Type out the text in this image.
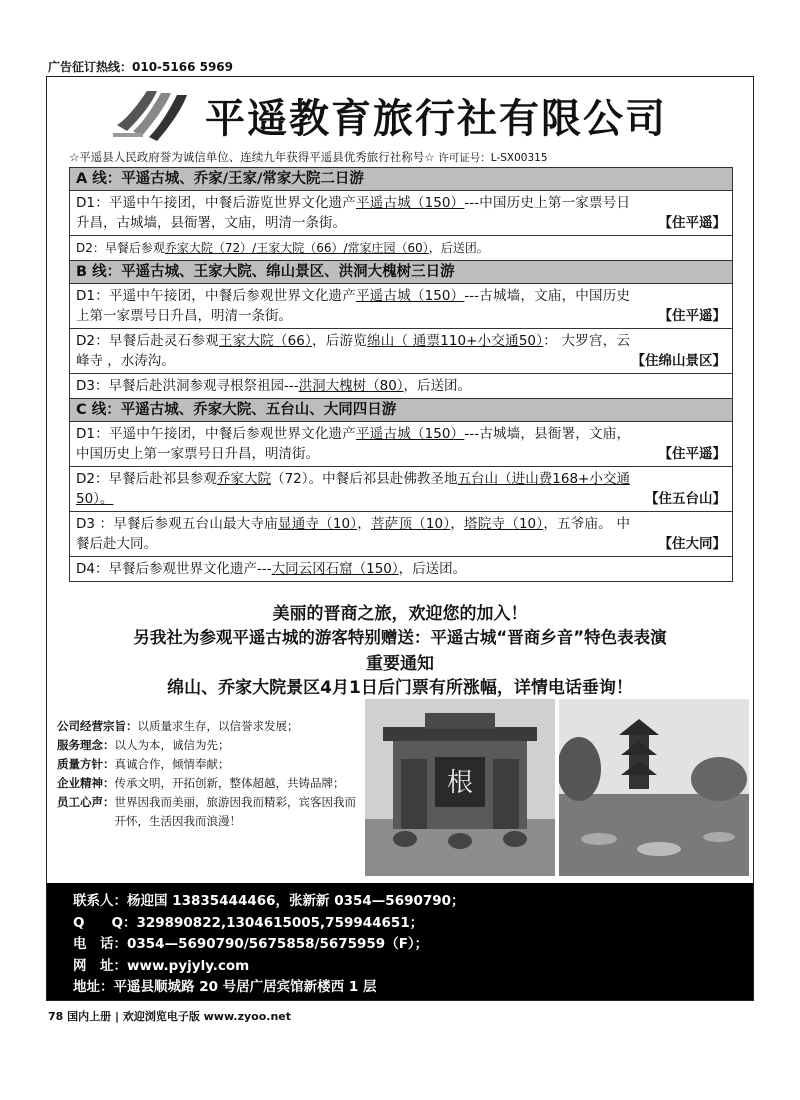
广告征订热线：010-5166 5969
平遥教育旅行社有限公司
☆平遥县人民政府誉为诚信单位、连续九年获得平遥县优秀旅行社称号☆ 许可证号：L-SX00315
A 线：平遥古城、乔家/王家/常家大院二日游
D1：平遥中午接团，中餐后游览世界文化遗产平遥古城（150）---中国历史上第一家票号日升昌，古城墙，县衙署，文庙，明清一条街。	【住平遥】
D2：早餐后参观乔家大院（72）/王家大院（66）/常家庄园（60），后送团。
B 线：平遥古城、王家大院、绵山景区、洪洞大槐树三日游
D1：平遥中午接团，中餐后参观世界文化遗产平遥古城（150）---古城墙，文庙，中国历史上第一家票号日升昌，明清一条街。	【住平遥】
D2：早餐后赴灵石参观王家大院（66），后游览绵山（ 通票110+小交通50）： 大罗宫，云峰寺 ，水涛沟。	【住绵山景区】
D3：早餐后赴洪洞参观寻根祭祖园---洪洞大槐树（80），后送团。
C 线：平遥古城、乔家大院、五台山、大同四日游
D1：平遥中午接团，中餐后参观世界文化遗产平遥古城（150）---古城墙，县衙署，文庙，中国历史上第一家票号日升昌，明清街。	【住平遥】
D2：早餐后赴祁县参观乔家大院（72）。中餐后祁县赴佛教圣地五台山（进山费168+小交通50）。	【住五台山】
D3 ：早餐后参观五台山最大寺庙显通寺（10），菩萨顶（10），塔院寺（10），五爷庙。 中餐后赴大同。	【住大同】
D4：早餐后参观世界文化遗产---大同云冈石窟（150），后送团。
美丽的晋商之旅，欢迎您的加入！
另我社为参观平遥古城的游客特别赠送：平遥古城“晋商乡音”特色表表演
重要通知
绵山、乔家大院景区4月1日后门票有所涨幅，详情电话垂询！
公司经营宗旨： 以质量求生存，以信誉求发展；
服务理念： 以人为本，诚信为先；
质量方针： 真诚合作，倾情奉献；
企业精神： 传承文明，开拓创新，整体超越，共铸品牌；
员工心声： 世界因我而美丽，旅游因我而精彩，宾客因我而开怀，生活因我而浪漫！
根
联系人：杨迎国 13835444466，张新新 0354—5690790；
Q　　Q：329890822,1304615005,759944651；
电　话：0354—5690790/5675858/5675959（F）；
网　址：www.pyjyly.com
地址：平遥县顺城路 20 号居广居宾馆新楼西 1 层
78 国内上册 | 欢迎浏览电子版 www.zyoo.net
